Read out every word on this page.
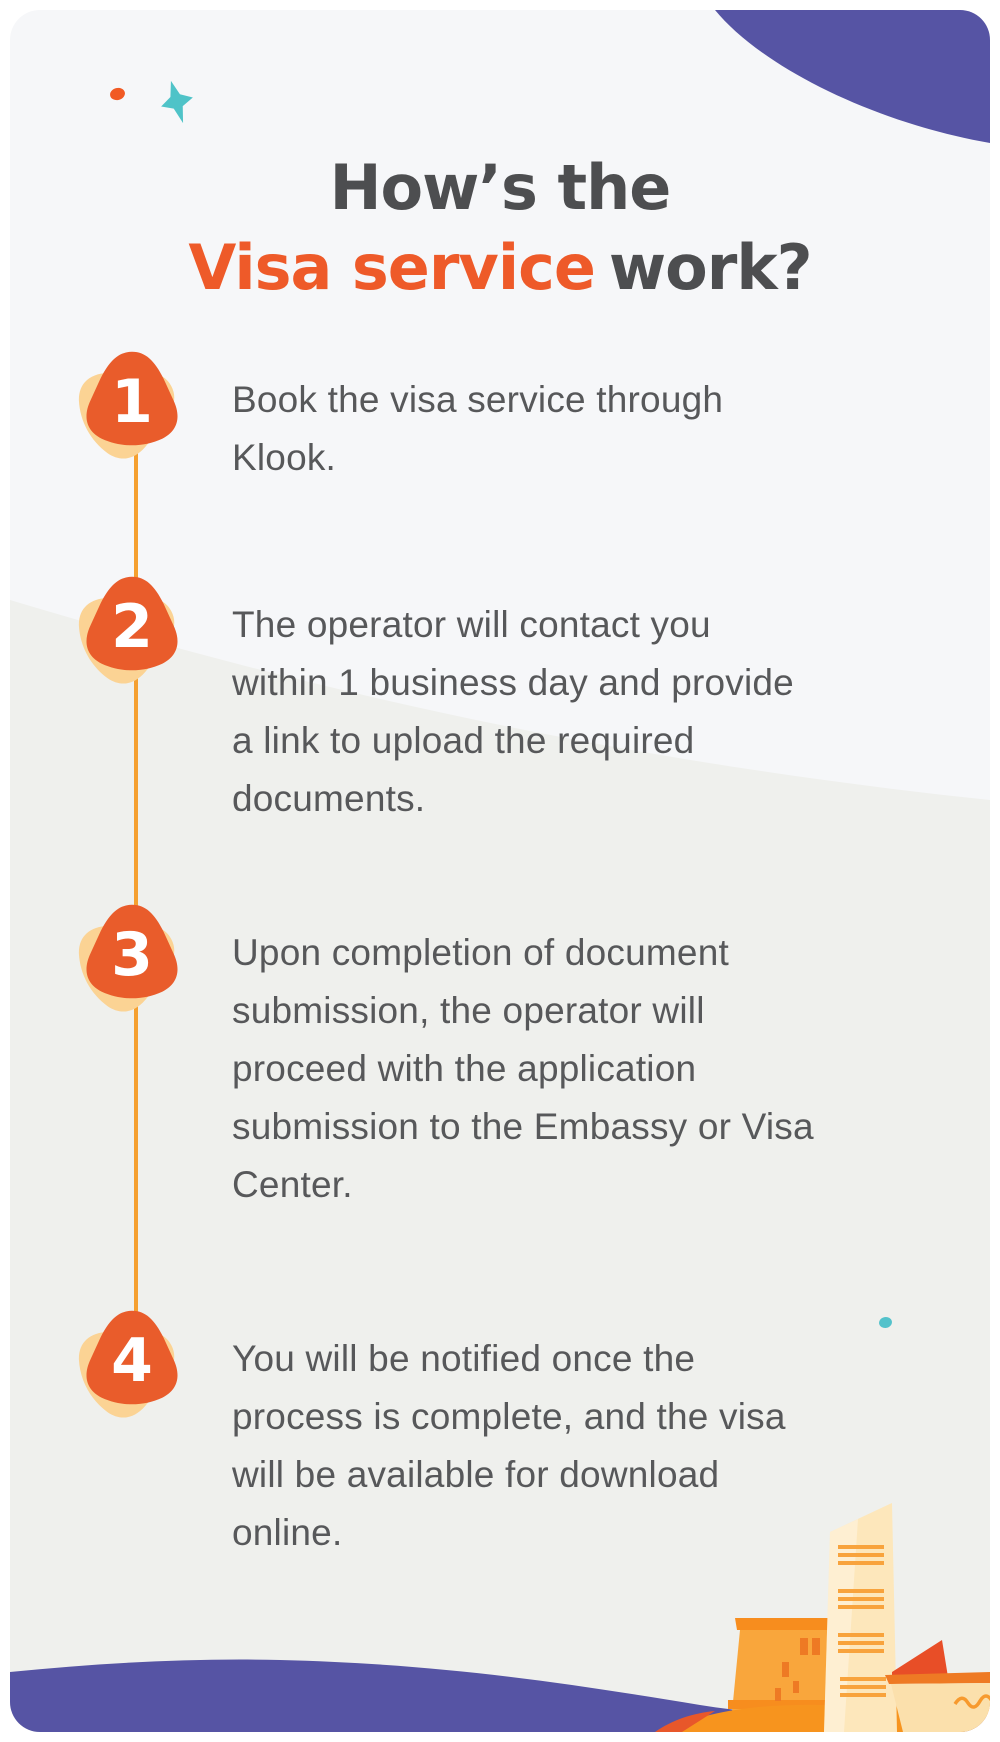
How’s the
Visa service work?
1
2
3
4
Book the visa service through
Klook.
The operator will contact you
within 1 business day and provide
a link to upload the required
documents.
Upon completion of document
submission, the operator will
proceed with the application
submission to the Embassy or Visa
Center.
You will be notified once the
process is complete, and the visa
will be available for download
online.
